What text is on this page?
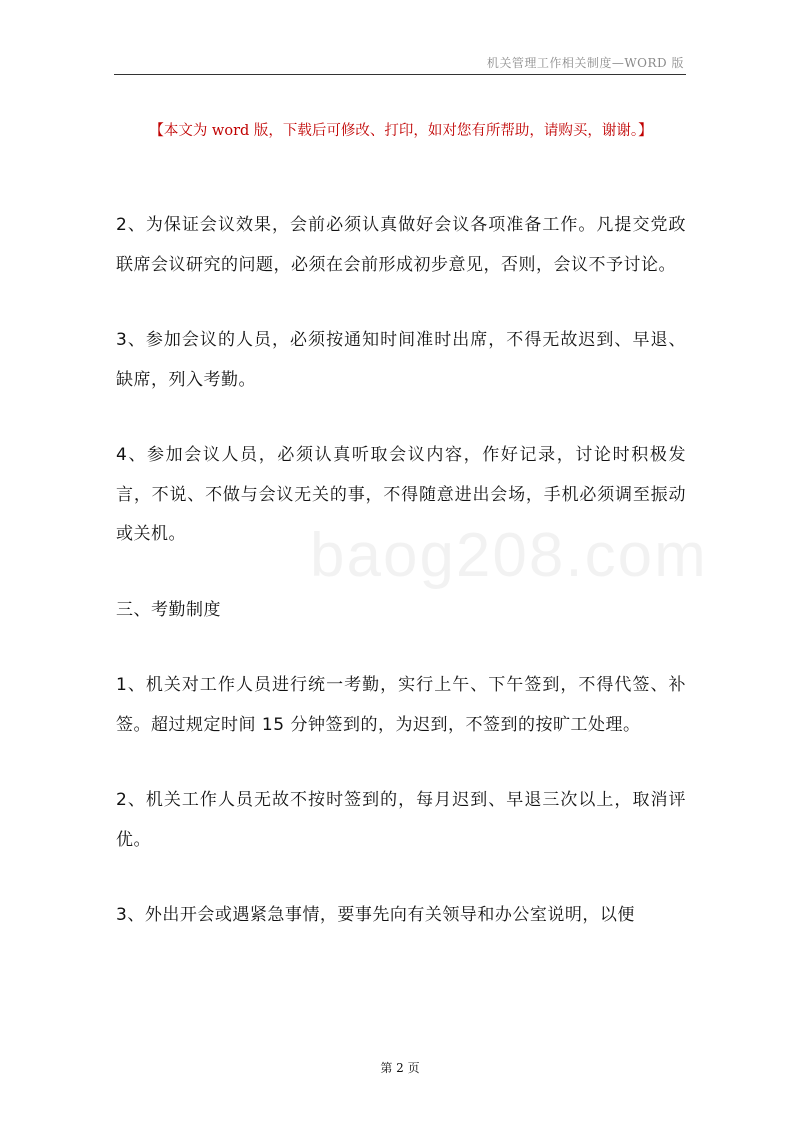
机关管理工作相关制度—WORD 版
【本文为 word 版，下载后可修改、打印，如对您有所帮助，请购买，谢谢。】
baog208.com

2、为保证会议效果，会前必须认真做好会议各项准备工作。凡提交党政联席会议研究的问题，必须在会前形成初步意见，否则，会议不予讨论。

3、参加会议的人员，必须按通知时间准时出席，不得无故迟到、早退、缺席，列入考勤。

4、参加会议人员，必须认真听取会议内容，作好记录，讨论时积极发言，不说、不做与会议无关的事，不得随意进出会场，手机必须调至振动或关机。

三、考勤制度

1、机关对工作人员进行统一考勤，实行上午、下午签到，不得代签、补签。超过规定时间 15 分钟签到的，为迟到，不签到的按旷工处理。

2、机关工作人员无故不按时签到的，每月迟到、早退三次以上，取消评优。

3、外出开会或遇紧急事情，要事先向有关领导和办公室说明，以便

第 2 页
